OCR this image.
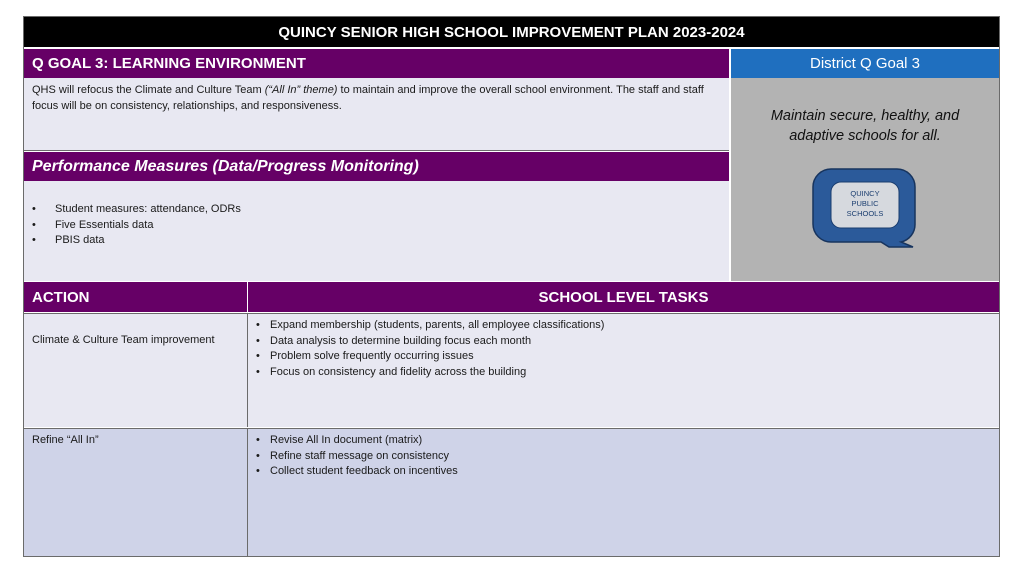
QUINCY SENIOR HIGH SCHOOL IMPROVEMENT PLAN 2023-2024
Q GOAL 3: LEARNING ENVIRONMENT	District Q Goal 3
QHS will refocus the Climate and Culture Team (“All In” theme) to maintain and improve the overall school environment. The staff and staff focus will be on consistency, relationships, and responsiveness.
Maintain secure, healthy, and
adaptive schools for all.
QUINCY
PUBLIC
SCHOOLS
Performance Measures (Data/Progress Monitoring)
• Student measures: attendance, ODRs
• Five Essentials data
• PBIS data
ACTION	SCHOOL LEVEL TASKS
Climate & Culture Team improvement
• Expand membership (students, parents, all employee classifications)
• Data analysis to determine building focus each month
• Problem solve frequently occurring issues
• Focus on consistency and fidelity across the building
Refine “All In”
•	Revise All In document (matrix)
• Refine staff message on consistency
• Collect student feedback on incentives
